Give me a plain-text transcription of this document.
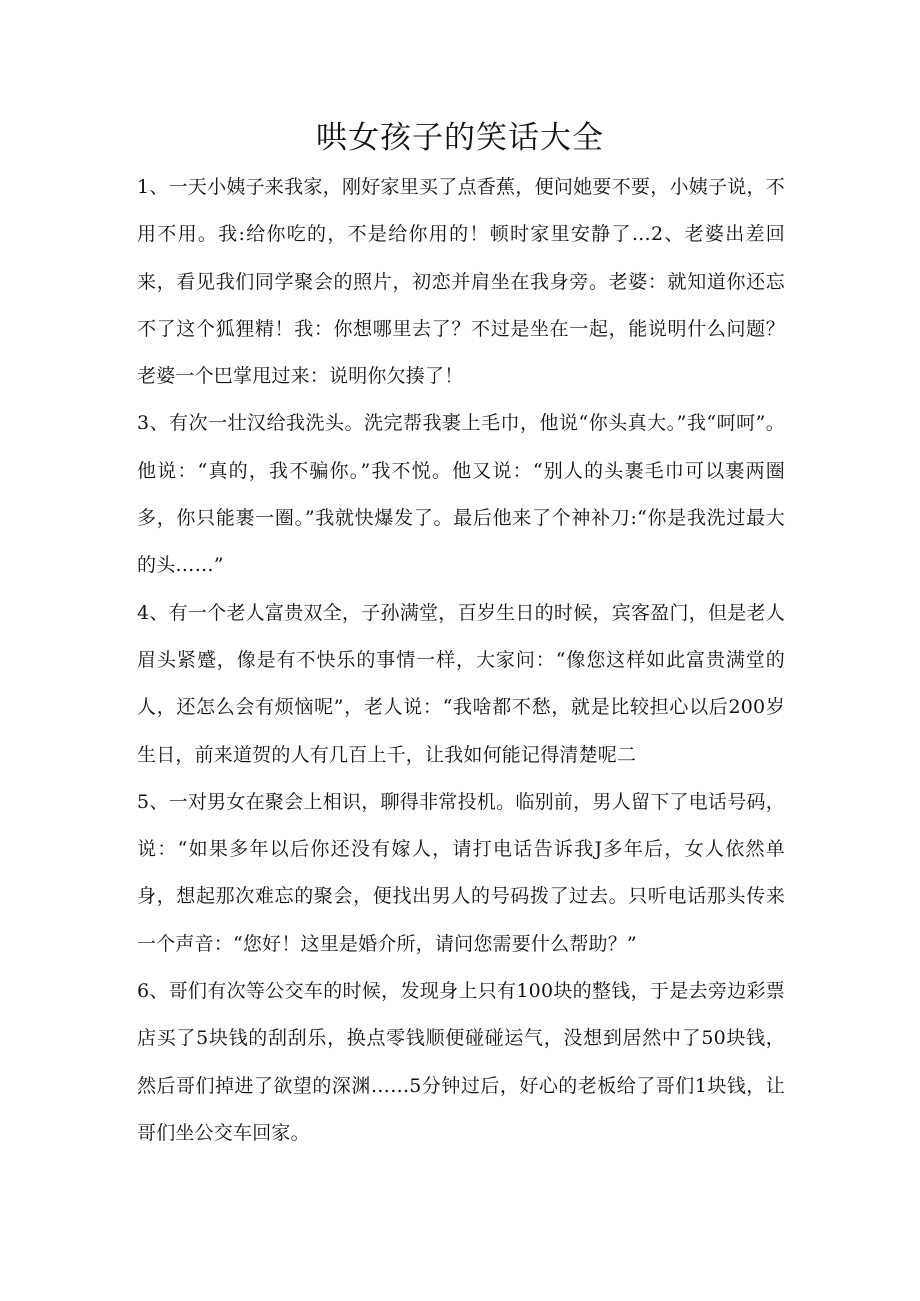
哄女孩子的笑话大全

1、一天小姨子来我家，刚好家里买了点香蕉，便问她要不要，小姨子说，不用不用。我:给你吃的，不是给你用的！顿时家里安静了…2、老婆出差回来，看见我们同学聚会的照片，初恋并肩坐在我身旁。老婆：就知道你还忘不了这个狐狸精！我：你想哪里去了？不过是坐在一起，能说明什么问题？老婆一个巴掌甩过来：说明你欠揍了！

3、有次一壮汉给我洗头。洗完帮我裹上毛巾，他说“你头真大。”我“呵呵”。他说：“真的，我不骗你。”我不悦。他又说：“别人的头裹毛巾可以裹两圈多，你只能裹一圈。”我就快爆发了。最后他来了个神补刀:“你是我洗过最大的头……”

4、有一个老人富贵双全，子孙满堂，百岁生日的时候，宾客盈门，但是老人眉头紧蹙，像是有不快乐的事情一样，大家问：“像您这样如此富贵满堂的人，还怎么会有烦恼呢”，老人说：“我啥都不愁，就是比较担心以后200岁生日，前来道贺的人有几百上千，让我如何能记得清楚呢二

5、一对男女在聚会上相识，聊得非常投机。临别前，男人留下了电话号码，说：“如果多年以后你还没有嫁人，请打电话告诉我J多年后，女人依然单身，想起那次难忘的聚会，便找出男人的号码拨了过去。只听电话那头传来一个声音：“您好！这里是婚介所，请问您需要什么帮助？”

6、哥们有次等公交车的时候，发现身上只有100块的整钱，于是去旁边彩票店买了5块钱的刮刮乐，换点零钱顺便碰碰运气，没想到居然中了50块钱，然后哥们掉进了欲望的深渊……5分钟过后，好心的老板给了哥们1块钱，让哥们坐公交车回家。
